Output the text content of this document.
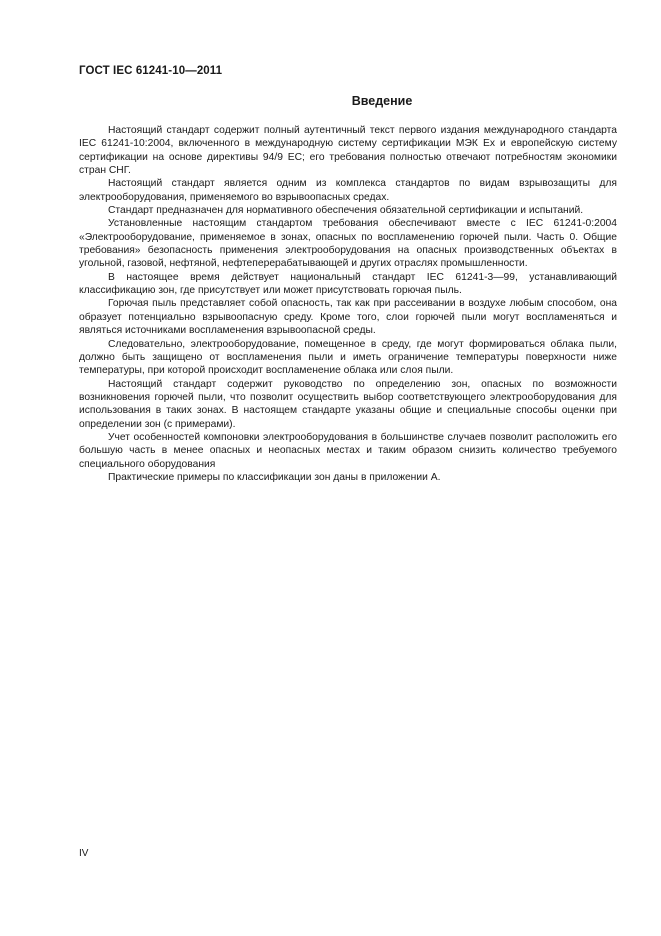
ГОСТ IEC 61241-10—2011
Введение

Настоящий стандарт содержит полный аутентичный текст первого издания международного стандарта IEC 61241-10:2004, включенного в международную систему сертификации МЭК Ex и европейскую систему сертификации на основе директивы 94/9 EC; его требования полностью отвечают потребностям экономики стран СНГ.

Настоящий стандарт является одним из комплекса стандартов по видам взрывозащиты для электрооборудования, применяемого во взрывоопасных средах.

Стандарт предназначен для нормативного обеспечения обязательной сертификации и испытаний.

Установленные настоящим стандартом требования обеспечивают вместе с IEC 61241-0:2004 «Электрооборудование, применяемое в зонах, опасных по воспламенению горючей пыли. Часть 0. Общие требования» безопасность применения электрооборудования на опасных производственных объектах в угольной, газовой, нефтяной, нефтеперерабатывающей и других отраслях промышленности.

В настоящее время действует национальный стандарт IEC 61241-3—99, устанавливающий классификацию зон, где присутствует или может присутствовать горючая пыль.

Горючая пыль представляет собой опасность, так как при рассеивании в воздухе любым способом, она образует потенциально взрывоопасную среду. Кроме того, слои горючей пыли могут воспламеняться и являться источниками воспламенения взрывоопасной среды.

Следовательно, электрооборудование, помещенное в среду, где могут формироваться облака пыли, должно быть защищено от воспламенения пыли и иметь ограничение температуры поверхности ниже температуры, при которой происходит воспламенение облака или слоя пыли.

Настоящий стандарт содержит руководство по определению зон, опасных по возможности возникновения горючей пыли, что позволит осуществить выбор соответствующего электрооборудования для использования в таких зонах. В настоящем стандарте указаны общие и специальные способы оценки при определении зон (с примерами).

Учет особенностей компоновки электрооборудования в большинстве случаев позволит расположить его большую часть в менее опасных и неопасных местах и таким образом снизить количество требуемого специального оборудования

Практические примеры по классификации зон даны в приложении А.

IV
